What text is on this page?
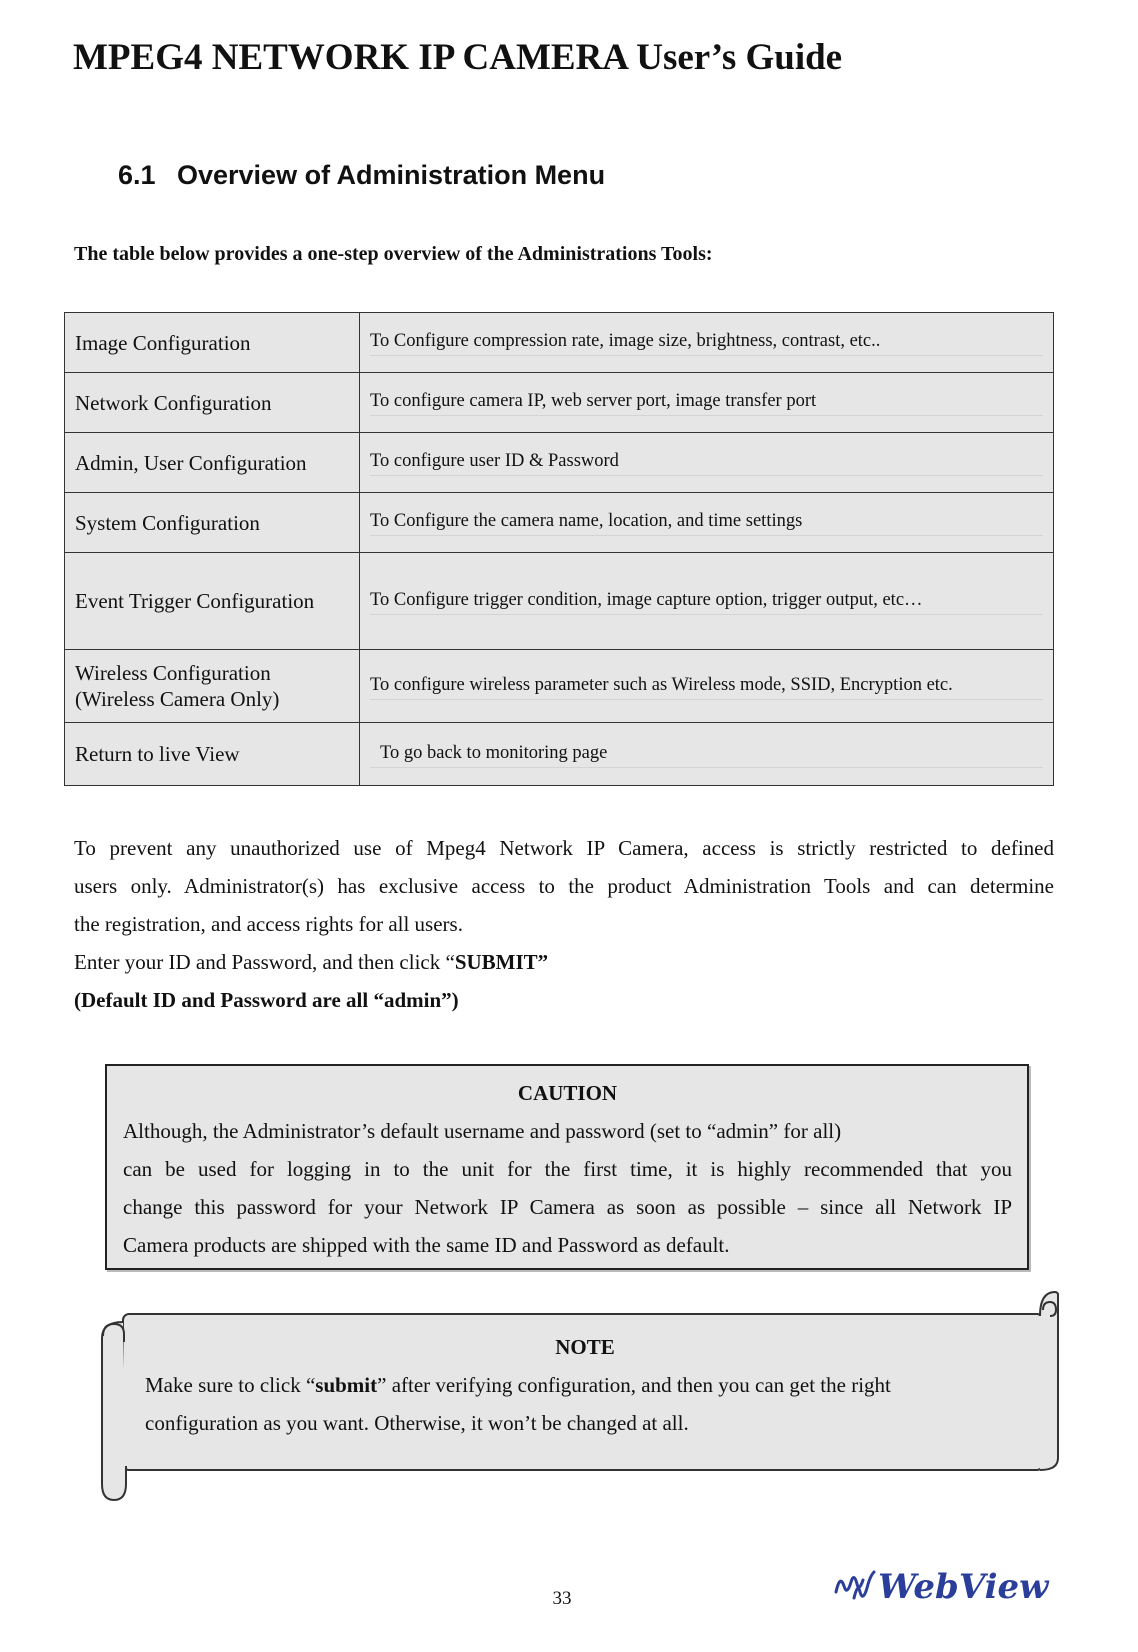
MPEG4 NETWORK IP CAMERA User’s Guide
6.1 Overview of Administration Menu
The table below provides a one-step overview of the Administrations Tools:
Image Configuration	To Configure compression rate, image size, brightness, contrast, etc..

Network Configuration	To configure camera IP, web server port, image transfer port

Admin, User Configuration	To configure user ID & Password

System Configuration	To Configure the camera name, location, and time settings

Event Trigger Configuration	To Configure trigger condition, image capture option, trigger output, etc…

Wireless Configuration
(Wireless Camera Only)	To configure wireless parameter such as Wireless mode, SSID, Encryption etc.

Return to live View	To go back to monitoring page
To prevent any unauthorized use of Mpeg4 Network IP Camera, access is strictly restricted to defined
users only. Administrator(s) has exclusive access to the product Administration Tools and can determine
the registration, and access rights for all users.
Enter your ID and Password, and then click “SUBMIT”
(Default ID and Password are all “admin”)
CAUTION
Although, the Administrator’s default username and password (set to “admin” for all)
can be used for logging in to the unit for the first time, it is highly recommended that you
change this password for your Network IP Camera as soon as possible – since all Network IP
Camera products are shipped with the same ID and Password as default.
NOTE
Make sure to click “submit” after verifying configuration, and then you can get the right
configuration as you want. Otherwise, it won’t be changed at all.
33	WebView
